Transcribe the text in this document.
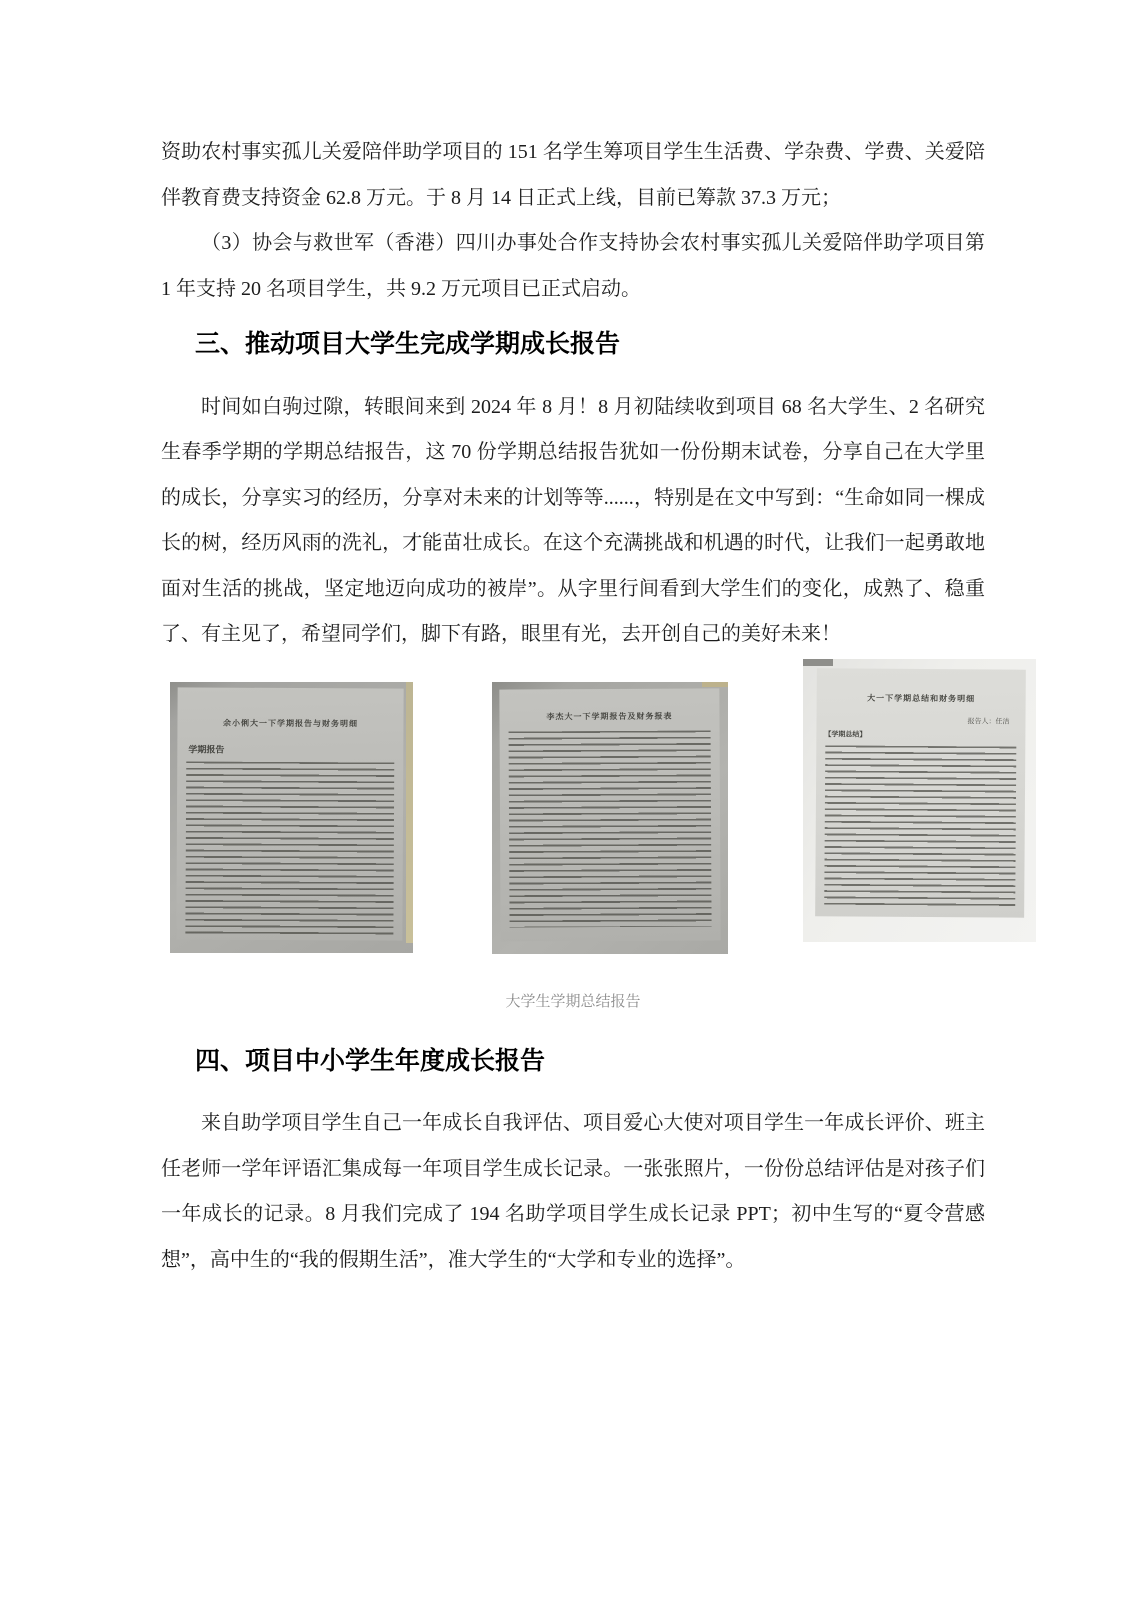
资助农村事实孤儿关爱陪伴助学项目的 151 名学生筹项目学生生活费、学杂费、学费、关爱陪伴教育费支持资金 62.8 万元。于 8 月 14 日正式上线，目前已筹款 37.3 万元；

（3）协会与救世军（香港）四川办事处合作支持协会农村事实孤儿关爱陪伴助学项目第 1 年支持 20 名项目学生，共 9.2 万元项目已正式启动。

三、推动项目大学生完成学期成长报告

时间如白驹过隙，转眼间来到 2024 年 8 月！8 月初陆续收到项目 68 名大学生、2 名研究生春季学期的学期总结报告，这 70 份学期总结报告犹如一份份期末试卷，分享自己在大学里的成长，分享实习的经历，分享对未来的计划等等......，特别是在文中写到：“生命如同一棵成长的树，经历风雨的洗礼，才能苗壮成长。在这个充满挑战和机遇的时代，让我们一起勇敢地面对生活的挑战，坚定地迈向成功的被岸”。从字里行间看到大学生们的变化，成熟了、稳重了、有主见了，希望同学们，脚下有路，眼里有光，去开创自己的美好未来！

余小俐大一下学期报告与财务明细
学期报告
李杰大一下学期报告及财务报表
大一下学期总结和财务明细
报告人：任洁
【学期总结】
大学生学期总结报告
四、项目中小学生年度成长报告

来自助学项目学生自己一年成长自我评估、项目爱心大使对项目学生一年成长评价、班主任老师一学年评语汇集成每一年项目学生成长记录。一张张照片，一份份总结评估是对孩子们一年成长的记录。8 月我们完成了 194 名助学项目学生成长记录 PPT；初中生写的“夏令营感想”，高中生的“我的假期生活”，准大学生的“大学和专业的选择”。
